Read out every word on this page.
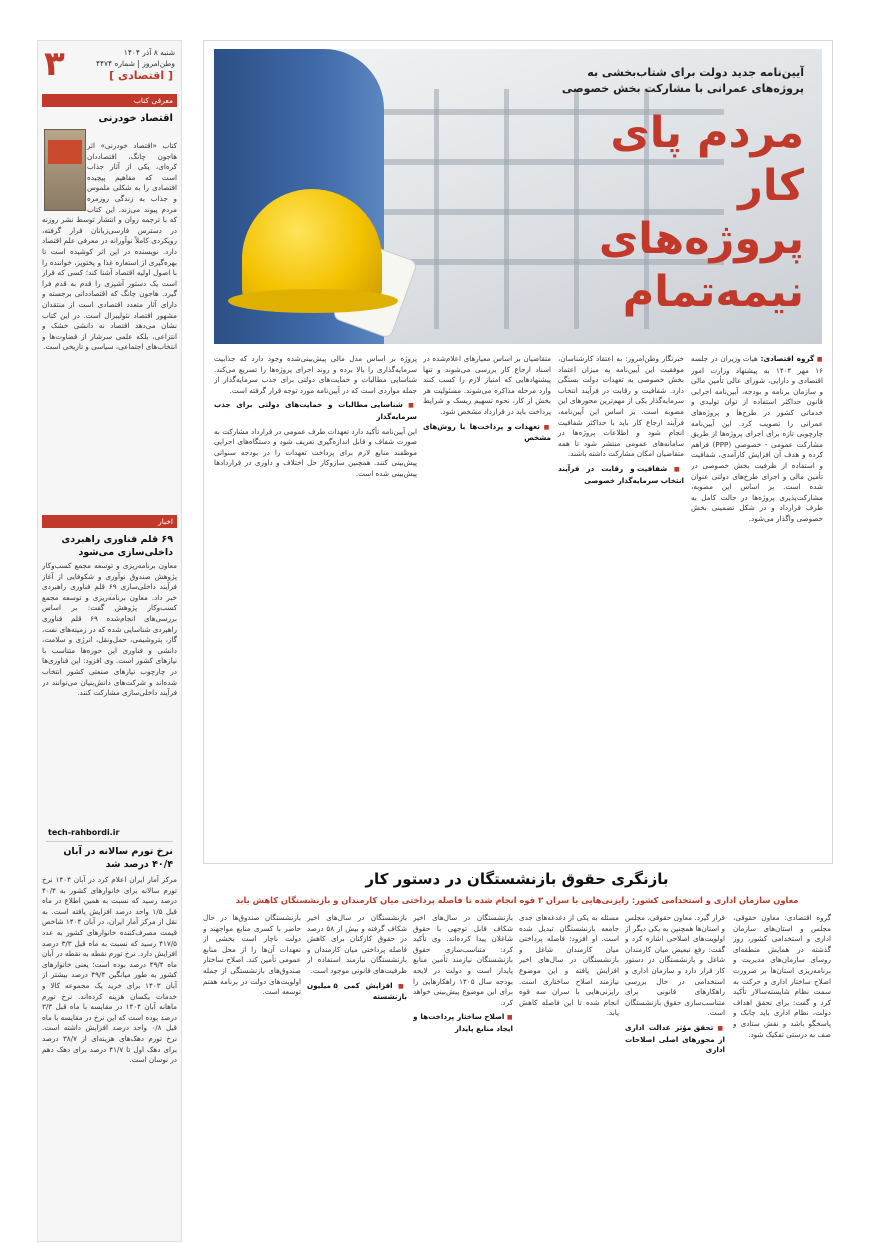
۳	شنبه ۸ آذر ۱۴۰۴
وطن‌امروز | شماره ۴۴۷۴
[ اقتصادی ]
معرفی کتاب
اقتصاد خودرنی

کتاب «اقتصاد خودرنی» اثر هاجون چانگ، اقتصاددان کره‌ای، یکی از آثار جذاب است که مفاهیم پیچیده اقتصادی را به شکلی ملموس و جذاب به زندگی روزمره مردم پیوند می‌زند. این کتاب که با ترجمه روان و انتشار توسط نشر روزنه در دسترس فارسی‌زبانان قرار گرفته، رویکردی کاملاً نوآورانه در معرفی علم اقتصاد دارد. نویسنده در این اثر کوشیده است تا بهره‌گیری از استعاره غذا و پختوپز، خواننده را با اصول اولیه اقتصاد آشنا کند؛ کسی که قرار است یک دستور آشپزی را قدم به قدم فرا گیرد. هاجون چانگ که اقتصاددانی برجسته و دارای آثار متعدد اقتصادی است از منتقدان مشهور اقتصاد نئولیبرال است. در این کتاب نشان می‌دهد اقتصاد نه دانشی خشک و انتزاعی، بلکه علمی سرشار از قضاوت‌ها و انتخاب‌های اجتماعی، سیاسی و تاریخی است.

اخبار
۶۹ قلم فناوری راهبردی داخلی‌سازی می‌شود

معاون برنامه‌ریزی و توسعه مجمع کسب‌وکار پژوهش صندوق نوآوری و شکوفایی از آغاز فرآیند داخلی‌سازی ۶۹ قلم فناوری راهبردی خبر داد. معاون برنامه‌ریزی و توسعه مجمع کسب‌وکار پژوهش گفت: بر اساس بررسی‌های انجام‌شده ۶۹ قلم فناوری راهبردی شناسایی شده که در زمینه‌های نفت، گاز، پتروشیمی، حمل‌ونقل، انرژی و سلامت، دانشی و فناوری این حوزه‌ها متناسب با نیازهای کشور است. وی افزود: این فناوری‌ها در چارچوب نیازهای صنعتی کشور انتخاب شده‌اند و شرکت‌های دانش‌بنیان می‌توانند در فرآیند داخلی‌سازی مشارکت کنند.

tech-rahbordi.ir
نرخ تورم سالانه در آبان ۴۰/۴ درصد شد

مرکز آمار ایران اعلام کرد در آبان ۱۴۰۴ نرخ تورم سالانه برای خانوارهای کشور به ۴۰/۴ درصد رسید که نسبت به همین اطلاع در ماه قبل ۱/۵ واحد درصد افزایش یافته است. به نقل از مرکز آمار ایران، در آبان ۱۴۰۴ شاخص قیمت مصرف‌کننده خانوارهای کشور به عدد ۴۱۷/۵ رسید که نسبت به ماه قبل ۳/۳ درصد افزایش دارد. نرخ تورم نقطه به نقطه در آبان ماه ۴۹/۴ درصد بوده است؛ یعنی خانوارهای کشور به طور میانگین ۴۹/۴ درصد بیشتر از آبان ۱۴۰۳ برای خرید یک مجموعه کالا و خدمات یکسان هزینه کرده‌اند. نرخ تورم ماهانه آبان ۱۴۰۴ در مقایسه با ماه قبل ۳/۳ درصد بوده است که این نرخ در مقایسه با ماه قبل ۰/۸ واحد درصد افزایش داشته است. نرخ تورم دهک‌های هزینه‌ای از ۳۸/۷ درصد برای دهک اول تا ۴۱/۷ درصد برای دهک دهم در نوسان است.

آیین‌نامه جدید دولت برای شتاب‌بخشی به پروژه‌های عمرانی با مشارکت بخش خصوصی
مردم پای کار
پروژه‌های
نیمه‌تمام

■ گروه اقتصادی: هیات وزیران در جلسه ۱۶ مهر ۱۴۰۴ به پیشنهاد وزارت امور اقتصادی و دارایی، شورای عالی تأمین مالی و سازمان برنامه و بودجه، آیین‌نامه اجرایی قانون حداکثر استفاده از توان تولیدی و خدماتی کشور در طرح‌ها و پروژه‌های عمرانی را تصویب کرد. این آیین‌نامه چارچوبی تازه برای اجرای پروژه‌ها از طریق مشارکت عمومی - خصوصی (PPP) فراهم کرده و هدف آن افزایش کارآمدی، شفافیت و استفاده از ظرفیت بخش خصوصی در تأمین مالی و اجرای طرح‌های دولتی عنوان شده است. بر اساس این مصوبه، مشارکت‌پذیری پروژه‌ها در حالت کامل به طرف قرارداد و در شکل تضمینی بخش خصوصی واگذار می‌شود.

خبرنگار وطن‌امروز: به اعتقاد کارشناسان، موفقیت این آیین‌نامه به میزان اعتماد بخش خصوصی به تعهدات دولت بستگی دارد. شفافیت و رقابت در فرآیند انتخاب سرمایه‌گذار یکی از مهم‌ترین محورهای این مصوبه است. بر اساس این آیین‌نامه، فرآیند ارجاع کار باید با حداکثر شفافیت انجام شود و اطلاعات پروژه‌ها در سامانه‌های عمومی منتشر شود تا همه متقاضیان امکان مشارکت داشته باشند.

■ شفافیت و رقابت در فرآیند انتخاب سرمایه‌گذار خصوصی

متقاضیان بر اساس معیارهای اعلام‌شده در اسناد ارجاع کار بررسی می‌شوند و تنها پیشنهادهایی که امتیاز لازم را کسب کنند وارد مرحله مذاکره می‌شوند. مسئولیت هر بخش از کار، نحوه تسهیم ریسک و شرایط پرداخت باید در قرارداد مشخص شود.

■ تعهدات و پرداخت‌ها با روش‌های مشخص

پروژه بر اساس مدل مالی پیش‌بینی‌شده وجود دارد که جذابیت سرمایه‌گذاری را بالا برده و روند اجرای پروژه‌ها را تسریع می‌کند. شناسایی مطالبات و حمایت‌های دولتی برای جذب سرمایه‌گذار از جمله مواردی است که در آیین‌نامه مورد توجه قرار گرفته است.

■ شناسایی مطالبات و حمایت‌های دولتی برای جذب سرمایه‌گذار

این آیین‌نامه تأکید دارد تعهدات طرف عمومی در قرارداد مشارکت به صورت شفاف و قابل اندازه‌گیری تعریف شود و دستگاه‌های اجرایی موظفند منابع لازم برای پرداخت تعهدات را در بودجه سنواتی پیش‌بینی کنند. همچنین سازوکار حل اختلاف و داوری در قراردادها پیش‌بینی شده است.

بازنگری حقوق بازنشستگان در دستور کار
معاون سازمان اداری و استخدامی کشور: رایزنی‌هایی با سران ۳ قوه انجام شده تا فاصله پرداختی میان کارمندان و بازنشستگان کاهش یابد

گروه اقتصادی: معاون حقوقی، مجلس و استان‌های سازمان اداری و استخدامی کشور، روز گذشته در همایش منطقه‌ای روسای سازمان‌های مدیریت و برنامه‌ریزی استان‌ها بر ضرورت اصلاح ساختار اداری و حرکت به سمت نظام شایسته‌سالار تأکید کرد و گفت: برای تحقق اهداف دولت، نظام اداری باید چابک و پاسخگو باشد و نقش ستادی و صف به درستی تفکیک شود.

قرار گیرد. معاون حقوقی، مجلس و استان‌ها همچنین به یکی دیگر از اولویت‌های اصلاحی اشاره کرد و گفت: رفع تبعیض میان کارمندان شاغل و بازنشستگان در دستور کار قرار دارد و سازمان اداری و استخدامی در حال بررسی راهکارهای قانونی برای متناسب‌سازی حقوق بازنشستگان است.

■ تحقق مؤثر عدالت اداری از محورهای اصلی اصلاحات اداری

مسئله به یکی از دغدغه‌های جدی جامعه بازنشستگان تبدیل شده است. او افزود: فاصله پرداختی میان کارمندان شاغل و بازنشستگان در سال‌های اخیر افزایش یافته و این موضوع نیازمند اصلاح ساختاری است. رایزنی‌هایی با سران سه قوه انجام شده تا این فاصله کاهش یابد.

بازنشستگان در سال‌های اخیر شکاف قابل توجهی با حقوق شاغلان پیدا کرده‌اند. وی تأکید کرد: متناسب‌سازی حقوق بازنشستگان نیازمند تأمین منابع پایدار است و دولت در لایحه بودجه سال ۱۴۰۵ راهکارهایی را برای این موضوع پیش‌بینی خواهد کرد.

■ اصلاح ساختار پرداخت‌ها و ایجاد منابع پایدار

بازنشستگان در سال‌های اخیر شکاف گرفته و بیش از ۵۸ درصد در حقوق کارکنان برای کاهش فاصله پرداختی میان کارمندان و بازنشستگان نیازمند استفاده از ظرفیت‌های قانونی موجود است.

■ افزایش کمی ۵ میلیون بازنشسته

بازنشستگان صندوق‌ها در حال حاضر با کسری منابع مواجهند و دولت ناچار است بخشی از تعهدات آن‌ها را از محل منابع عمومی تأمین کند. اصلاح ساختار صندوق‌های بازنشستگی از جمله اولویت‌های دولت در برنامه هفتم توسعه است.
